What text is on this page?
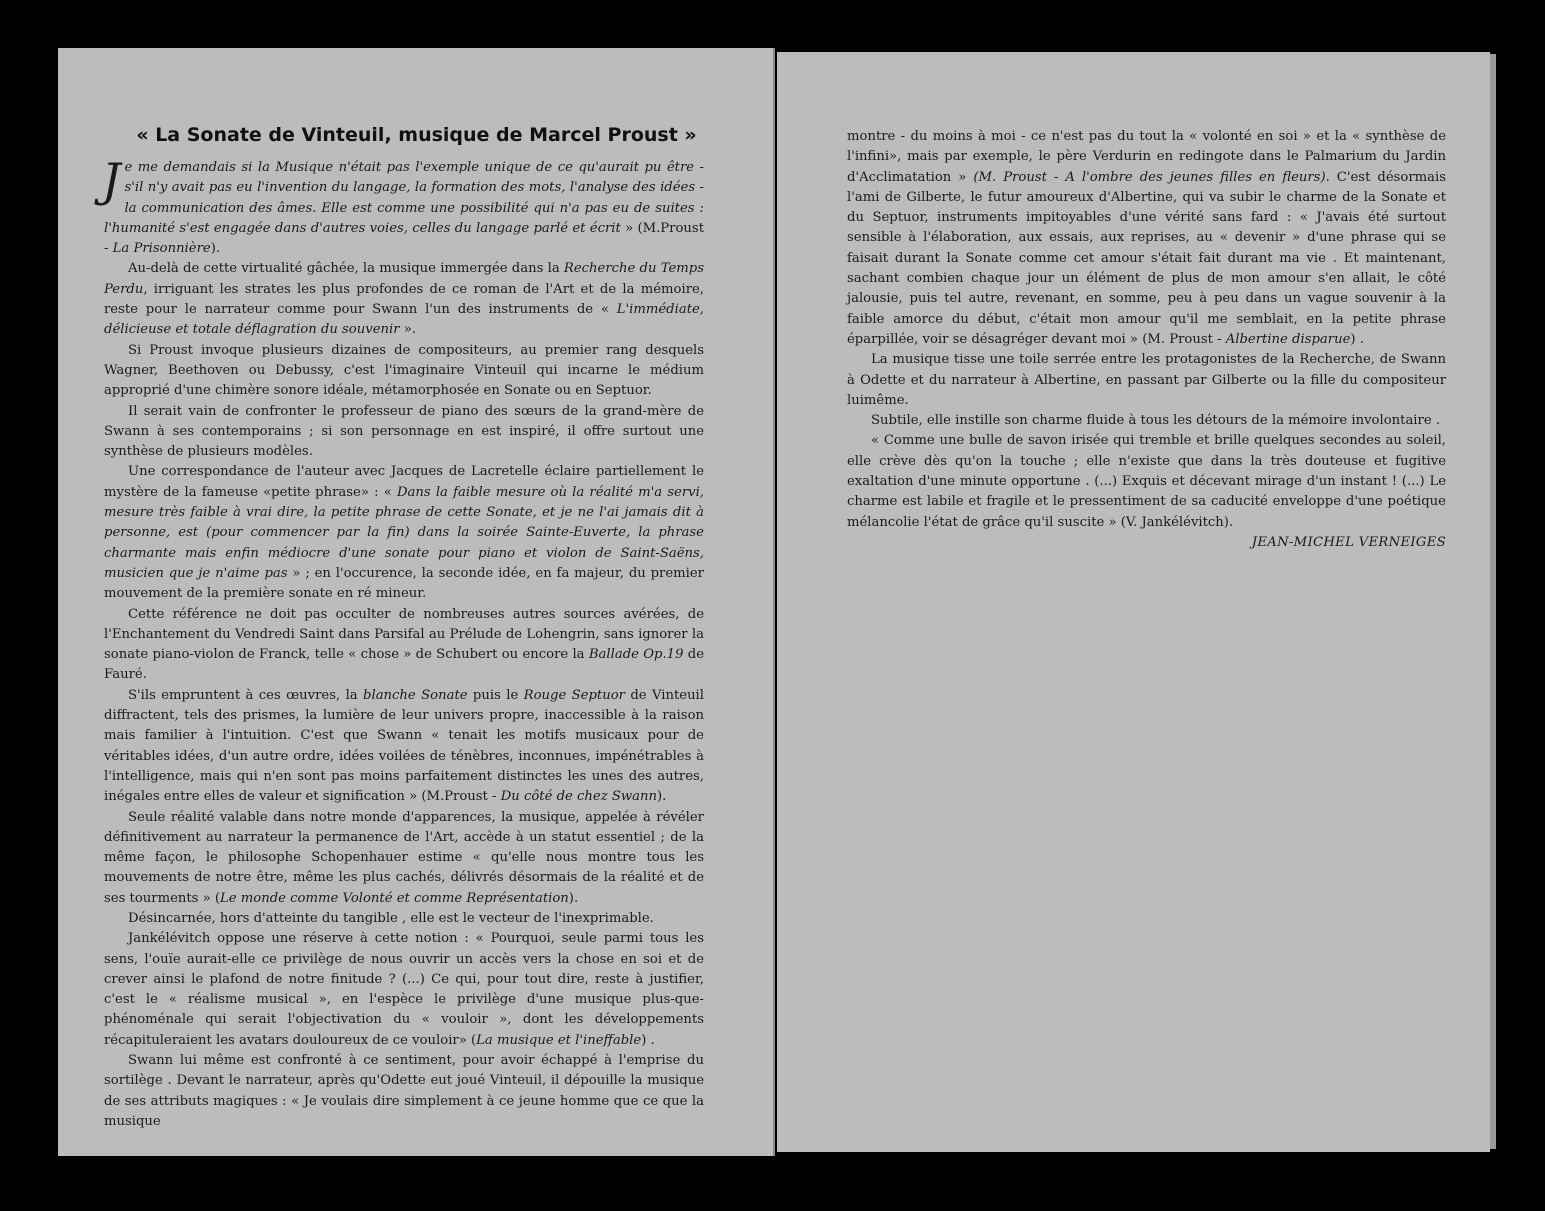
« La Sonate de Vinteuil, musique de Marcel Proust »

Je me demandais si la Musique n'était pas l'exemple unique de ce qu'aurait pu être - s'il n'y avait pas eu l'invention du langage, la formation des mots, l'analyse des idées - la communication des âmes. Elle est comme une possibilité qui n'a pas eu de suites : l'humanité s'est engagée dans d'autres voies, celles du langage parlé et écrit » (M.Proust - La Prisonnière).

Au-delà de cette virtualité gâchée, la musique immergée dans la Recherche du Temps Perdu, irriguant les strates les plus profondes de ce roman de l'Art et de la mémoire, reste pour le narrateur comme pour Swann l'un des instruments de « L'immédiate, délicieuse et totale déflagration du souvenir ».

Si Proust invoque plusieurs dizaines de compositeurs, au premier rang desquels Wagner, Beethoven ou Debussy, c'est l'imaginaire Vinteuil qui incarne le médium approprié d'une chimère sonore idéale, métamorphosée en Sonate ou en Septuor.

Il serait vain de confronter le professeur de piano des sœurs de la grand-mère de Swann à ses contemporains ; si son personnage en est inspiré, il offre surtout une synthèse de plusieurs modèles.

Une correspondance de l'auteur avec Jacques de Lacretelle éclaire partiellement le mystère de la fameuse «petite phrase» : « Dans la faible mesure où la réalité m'a servi, mesure très faible à vrai dire, la petite phrase de cette Sonate, et je ne l'ai jamais dit à personne, est (pour commencer par la fin) dans la soirée Sainte-Euverte, la phrase charmante mais enfin médiocre d'une sonate pour piano et violon de Saint-Saëns, musicien que je n'aime pas » ; en l'occurence, la seconde idée, en fa majeur, du premier mouvement de la première sonate en ré mineur.

Cette référence ne doit pas occulter de nombreuses autres sources avérées, de l'Enchantement du Vendredi Saint dans Parsifal au Prélude de Lohengrin, sans ignorer la sonate piano-violon de Franck, telle « chose » de Schubert ou encore la Ballade Op.19 de Fauré.

S'ils empruntent à ces œuvres, la blanche Sonate puis le Rouge Septuor de Vinteuil diffractent, tels des prismes, la lumière de leur univers propre, inaccessible à la raison mais familier à l'intuition. C'est que Swann « tenait les motifs musicaux pour de véritables idées, d'un autre ordre, idées voilées de ténèbres, inconnues, impénétrables à l'intelligence, mais qui n'en sont pas moins parfaitement distinctes les unes des autres, inégales entre elles de valeur et signification » (M.Proust - Du côté de chez Swann).

Seule réalité valable dans notre monde d'apparences, la musique, appelée à révéler définitivement au narrateur la permanence de l'Art, accède à un statut essentiel ; de la même façon, le philosophe Schopenhauer estime « qu'elle nous montre tous les mouvements de notre être, même les plus cachés, délivrés désormais de la réalité et de ses tourments » (Le monde comme Volonté et comme Représentation).

Désincarnée, hors d'atteinte du tangible , elle est le vecteur de l'inexprimable.

Jankélévitch oppose une réserve à cette notion : « Pourquoi, seule parmi tous les sens, l'ouïe aurait-elle ce privilège de nous ouvrir un accès vers la chose en soi et de crever ainsi le plafond de notre finitude ? (...) Ce qui, pour tout dire, reste à justifier, c'est le « réalisme musical », en l'espèce le privilège d'une musique plus-que-phénoménale qui serait l'objectivation du « vouloir », dont les développements récapituleraient les avatars douloureux de ce vouloir» (La musique et l'ineffable) .

Swann lui même est confronté à ce sentiment, pour avoir échappé à l'emprise du sortilège . Devant le narrateur, après qu'Odette eut joué Vinteuil, il dépouille la musique de ses attributs magiques : « Je voulais dire simplement à ce jeune homme que ce que la musique

montre - du moins à moi - ce n'est pas du tout la « volonté en soi » et la « synthèse de l'infini», mais par exemple, le père Verdurin en redingote dans le Palmarium du Jardin d'Acclimatation » (M. Proust - A l'ombre des jeunes filles en fleurs). C'est désormais l'ami de Gilberte, le futur amoureux d'Albertine, qui va subir le charme de la Sonate et du Septuor, instruments impitoyables d'une vérité sans fard : « J'avais été surtout sensible à l'élaboration, aux essais, aux reprises, au « devenir » d'une phrase qui se faisait durant la Sonate comme cet amour s'était fait durant ma vie . Et maintenant, sachant combien chaque jour un élément de plus de mon amour s'en allait, le côté jalousie, puis tel autre, revenant, en somme, peu à peu dans un vague souvenir à la faible amorce du début, c'était mon amour qu'il me semblait, en la petite phrase éparpillée, voir se désagréger devant moi » (M. Proust - Albertine disparue) .

La musique tisse une toile serrée entre les protagonistes de la Recherche, de Swann à Odette et du narrateur à Albertine, en passant par Gilberte ou la fille du compositeur luimême.

Subtile, elle instille son charme fluide à tous les détours de la mémoire involontaire .

« Comme une bulle de savon irisée qui tremble et brille quelques secondes au soleil, elle crève dès qu'on la touche ; elle n'existe que dans la très douteuse et fugitive exaltation d'une minute opportune . (...) Exquis et décevant mirage d'un instant ! (...) Le charme est labile et fragile et le pressentiment de sa caducité enveloppe d'une poétique mélancolie l'état de grâce qu'il suscite » (V. Jankélévitch).

JEAN-MICHEL VERNEIGES
